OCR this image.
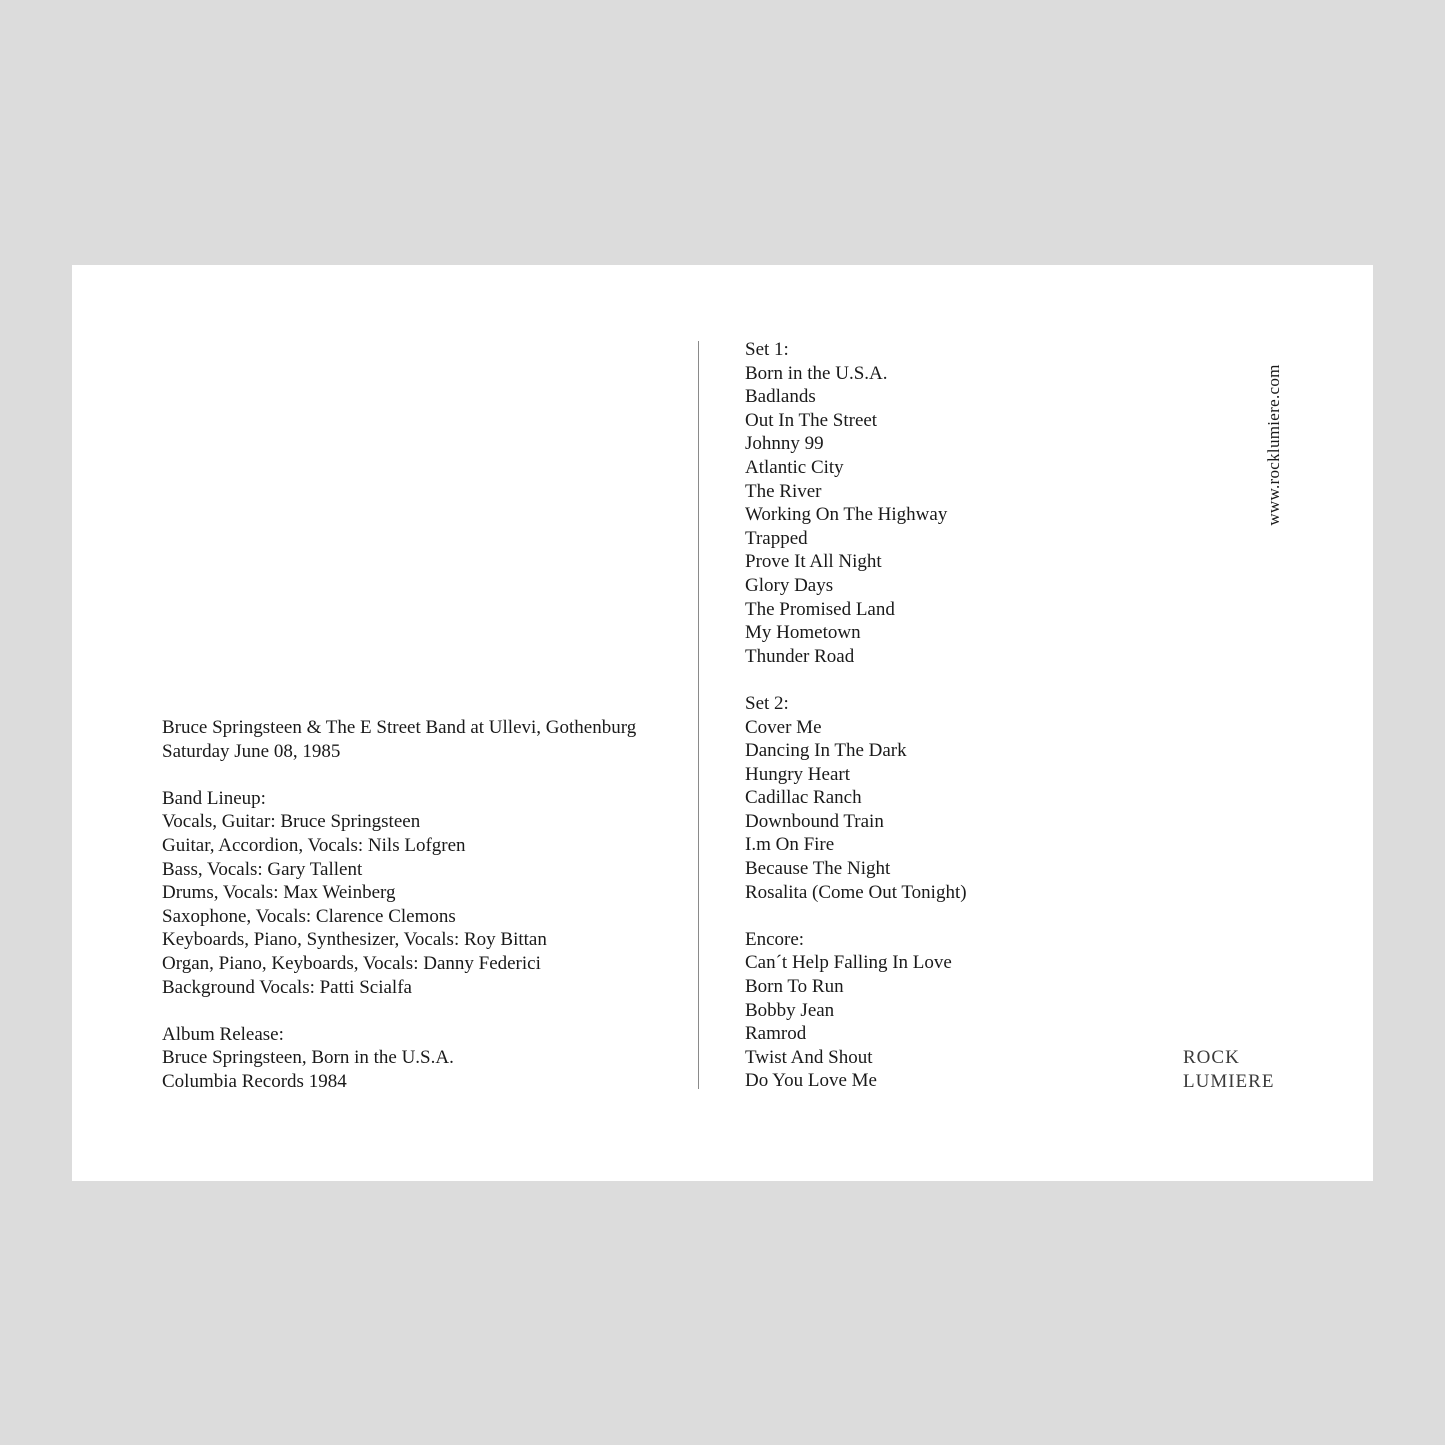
Bruce Springsteen & The E Street Band at Ullevi, Gothenburg
Saturday June 08, 1985
Band Lineup:
Vocals, Guitar: Bruce Springsteen
Guitar, Accordion, Vocals: Nils Lofgren
Bass, Vocals: Gary Tallent
Drums, Vocals: Max Weinberg
Saxophone, Vocals: Clarence Clemons
Keyboards, Piano, Synthesizer, Vocals: Roy Bittan
Organ, Piano, Keyboards, Vocals: Danny Federici
Background Vocals: Patti Scialfa
Album Release:
Bruce Springsteen, Born in the U.S.A.
Columbia Records 1984
Set 1:
Born in the U.S.A.
Badlands
Out In The Street
Johnny 99
Atlantic City
The River
Working On The Highway
Trapped
Prove It All Night
Glory Days
The Promised Land
My Hometown
Thunder Road
Set 2:
Cover Me
Dancing In The Dark
Hungry Heart
Cadillac Ranch
Downbound Train
I.m On Fire
Because The Night
Rosalita (Come Out Tonight)
Encore:
Can´t Help Falling In Love
Born To Run
Bobby Jean
Ramrod
Twist And Shout
Do You Love Me
www.rocklumiere.com
ROCK
LUMIERE
